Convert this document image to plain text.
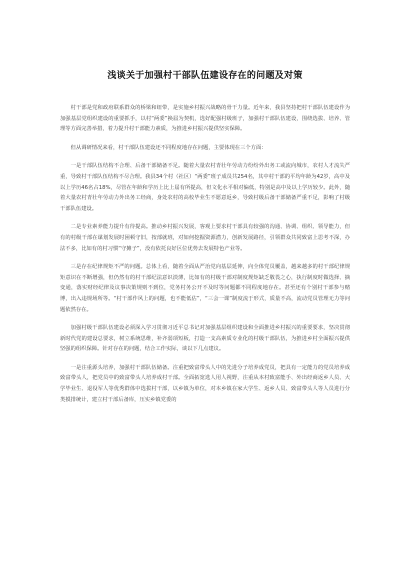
浅谈关于加强村干部队伍建设存在的问题及对策

村干部是党和政府联系群众的桥梁和纽带，是实施乡村振兴战略的骨干力量。近年来，我县坚持把村干部队伍建设作为加强基层党组织建设的重要抓手，以村“两委”换届为契机，选好配强村级班子，加强村干部队伍建设，围绕选拔、培养、管理等方面完善举措，着力提升村干部能力素质，为推进乡村振兴提供坚实保障。

但从调研情况来看，村干部队伍建设还不同程度地存在问题，主要体现在三个方面：

一是干部队伍结构不合理、后备干部储备不足。随着大量农村青壮年劳动力纷纷外出务工或流向城市，农村人才流失严重，导致村干部队伍结构不尽合理。我县34个村（社区）“两委”班子成员共254名，其中村干部的平均年龄为42岁，高中及以上学历46名占18%，尽管在年龄和学历上比上届有所提高，但文化水平相对偏低，特别是高中及以上学历较少。此外，随着大量农村青壮年劳动力外出务工经商，身处农村的高校毕业生不愿意返乡，导致村级后备干部储备严重不足，影响了村级干部队伍建设。

二是专业素养能力提升有待提高。推动乡村振兴发展，客观上要求村干部具有较强的沟通、协调、组织、领导能力，但有的村级干部在谋划发展时困顿守旧，按部就班，对如何挖掘资源潜力，创新发展路径，引领群众共同致富上思考不深，办法不多，比如有的村习惯“守摊子”，没有依托良好区位优势去发展特色产业等。

三是存在纪律规矩不严的问题。总体上看，随着全面从严治党向基层延伸，向全体党员覆盖，越来越多的村干部纪律规矩意识在不断增强，但仍然有的村干部纪法意识淡薄，比如有的村级干部对制度规矩缺乏敬畏之心，执行制度时做选择、摘变通，落实财经纪律及议事决策规则不到位，党务村务公开不及时等问题都不同程度地存在。甚至还有个别村干部参与赌博，出入违规场所等。“村干部作风上的问题，也不能低估”，“三会一课”制度流于形式，质量不高，流动党员管理无力等问题依然存在。

加强村级干部队伍建设必须深入学习贯彻习近平总书记对加强基层组织建设和全面推进乡村振兴的重要要求，坚决贯彻新时代党的建设总要求，树立系统思维，补齐弱项短板，打造一支高素质专业化的村级干部队伍，为推进乡村全面振兴提供坚强的组织保障。针对存在的问题，结合工作实际，谈以下几点建议。

一是注重源头培养，加强村干部队伍储备。注重把致富带头人中的先进分子培养成党员，把具有一定能力的党员培养成致富带头人，把党员中的致富带头人培养成村干部。全面拓宽选人用人视野，注重从本村致富能手、外出经商返乡人员、大学毕业生、退役军人等优秀群体中选拔村干部，以乡镇为单位，对本乡镇在家大学生、返乡人员、致富带头人等人员进行分类摸排统计，建立村干部后备库，压实乡镇党委的
